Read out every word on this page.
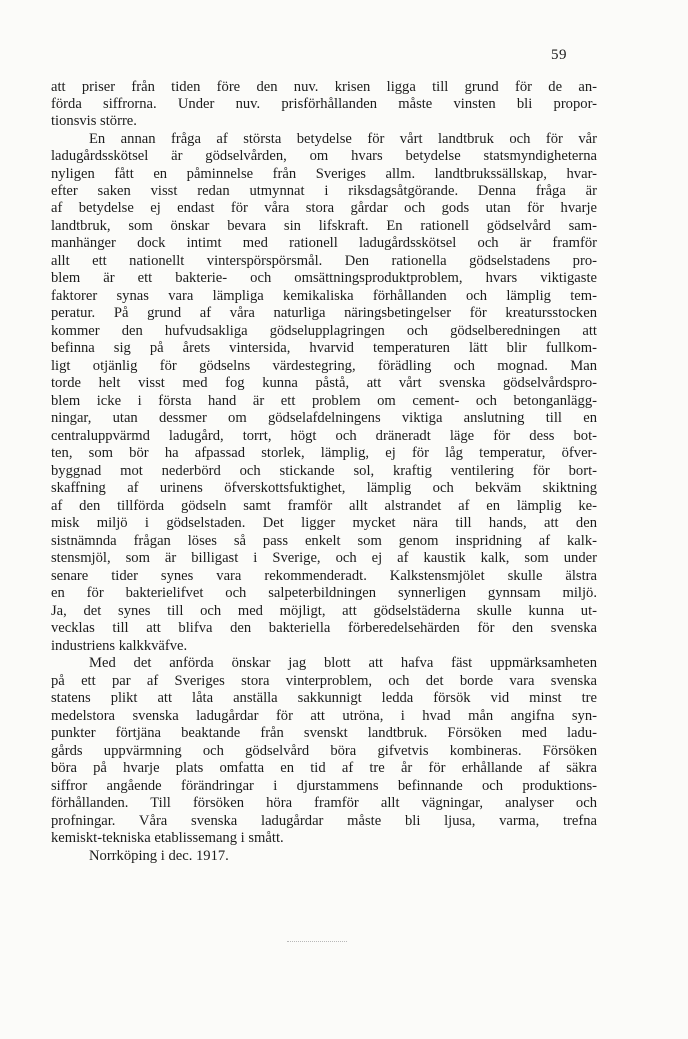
59
att priser från tiden före den nuv. krisen ligga till grund för de an-
förda siffrorna. Under nuv. prisförhållanden måste vinsten bli propor-
tionsvis större.
En annan fråga af största betydelse för vårt landtbruk och för vår
ladugårdsskötsel är gödselvården, om hvars betydelse statsmyndigheterna
nyligen fått en påminnelse från Sveriges allm. landtbrukssällskap, hvar-
efter saken visst redan utmynnat i riksdagsåtgörande. Denna fråga är
af betydelse ej endast för våra stora gårdar och gods utan för hvarje
landtbruk, som önskar bevara sin lifskraft. En rationell gödselvård sam-
manhänger dock intimt med rationell ladugårdsskötsel och är framför
allt ett nationellt vinterspörspörsmål. Den rationella gödselstadens pro-
blem är ett bakterie- och omsättningsproduktproblem, hvars viktigaste
faktorer synas vara lämpliga kemikaliska förhållanden och lämplig tem-
peratur. På grund af våra naturliga näringsbetingelser för kreatursstocken
kommer den hufvudsakliga gödselupplagringen och gödselberedningen att
befinna sig på årets vintersida, hvarvid temperaturen lätt blir fullkom-
ligt otjänlig för gödselns värdestegring, förädling och mognad. Man
torde helt visst med fog kunna påstå, att vårt svenska gödselvårdspro-
blem icke i första hand är ett problem om cement- och betonganlägg-
ningar, utan dessmer om gödselafdelningens viktiga anslutning till en
centraluppvärmd ladugård, torrt, högt och dräneradt läge för dess bot-
ten, som bör ha afpassad storlek, lämplig, ej för låg temperatur, öfver-
byggnad mot nederbörd och stickande sol, kraftig ventilering för bort-
skaffning af urinens öfverskottsfuktighet, lämplig och bekväm skiktning
af den tillförda gödseln samt framför allt alstrandet af en lämplig ke-
misk miljö i gödselstaden. Det ligger mycket nära till hands, att den
sistnämnda frågan löses så pass enkelt som genom inspridning af kalk-
stensmjöl, som är billigast i Sverige, och ej af kaustik kalk, som under
senare tider synes vara rekommenderadt. Kalkstensmjölet skulle älstra
en för bakterielifvet och salpeterbildningen synnerligen gynnsam miljö.
Ja, det synes till och med möjligt, att gödselstäderna skulle kunna ut-
vecklas till att blifva den bakteriella förberedelsehärden för den svenska
industriens kalkkväfve.
Med det anförda önskar jag blott att hafva fäst uppmärksamheten
på ett par af Sveriges stora vinterproblem, och det borde vara svenska
statens plikt att låta anställa sakkunnigt ledda försök vid minst tre
medelstora svenska ladugårdar för att utröna, i hvad mån angifna syn-
punkter förtjäna beaktande från svenskt landtbruk. Försöken med ladu-
gårds uppvärmning och gödselvård böra gifvetvis kombineras. Försöken
böra på hvarje plats omfatta en tid af tre år för erhållande af säkra
siffror angående förändringar i djurstammens befinnande och produktions-
förhållanden. Till försöken höra framför allt vägningar, analyser och
profningar. Våra svenska ladugårdar måste bli ljusa, varma, trefna
kemiskt-tekniska etablissemang i smått.
Norrköping i dec. 1917.
